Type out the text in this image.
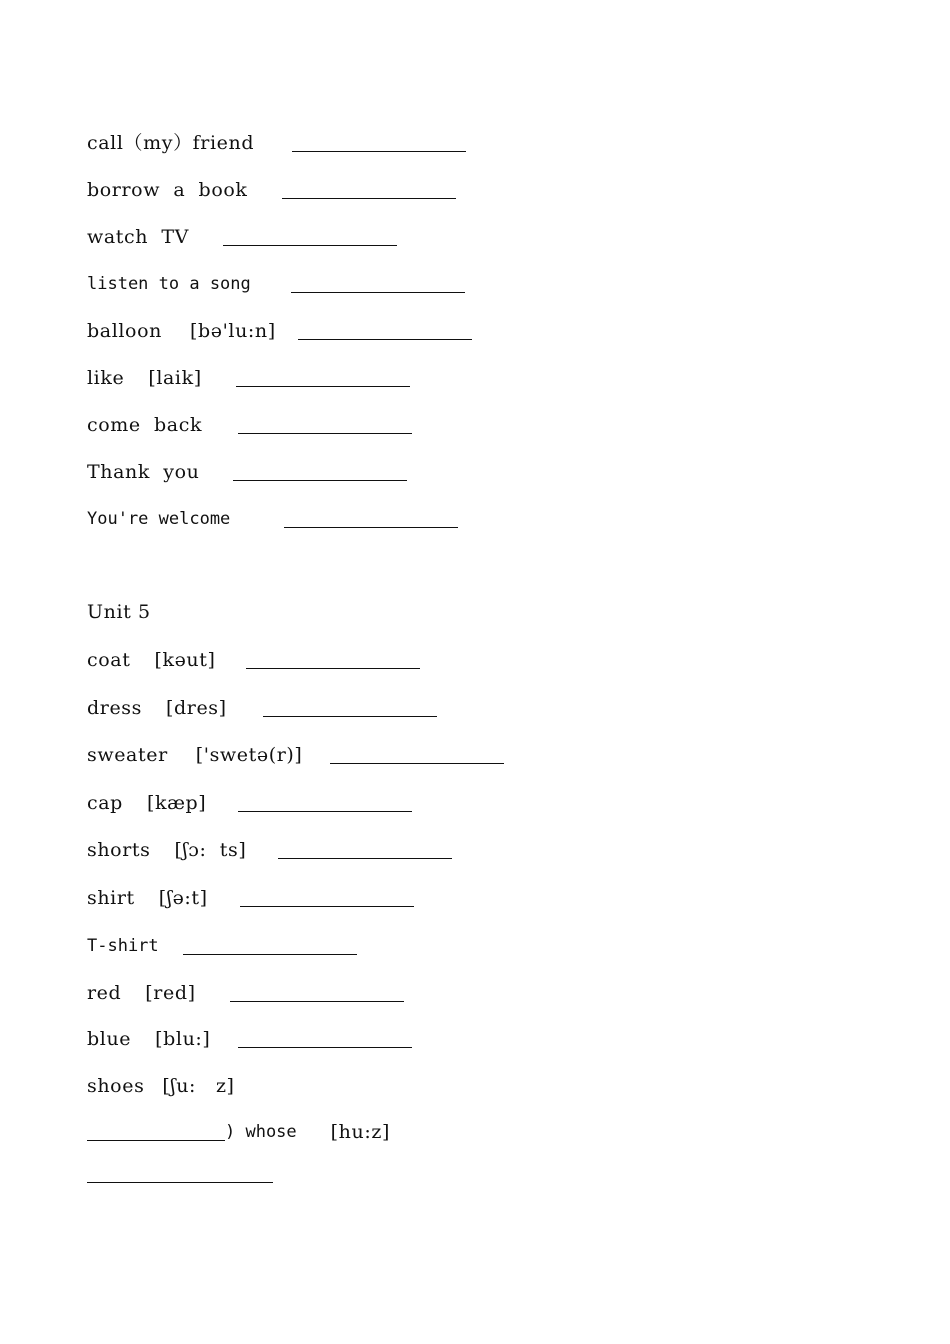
call（my）friend
borrow  a  book
watch  TV
listen to a song
balloon [bə'lu:n]
like [laik]
come  back
Thank  you
You're welcome
Unit 5
coat [kəut]
dress [dres]
sweater ['swetə(r)]
cap [kæp]
shorts [ʃɔ:  ts]
shirt [ʃə:t]
T-shirt
red [red]
blue [blu:]
shoes [ʃu:   z]
) whose [hu:z]
